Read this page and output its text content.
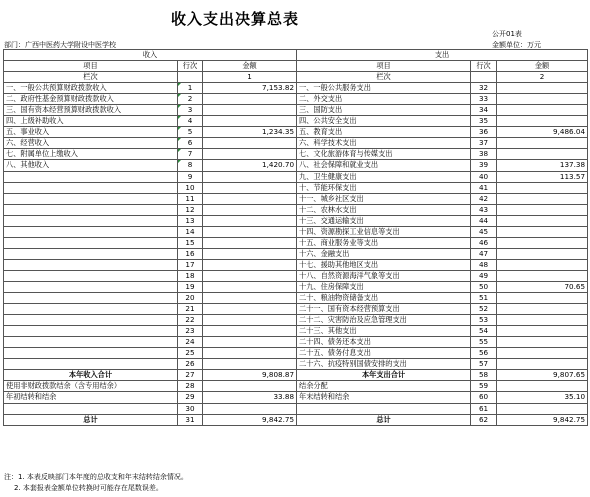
收入支出决算总表
公开01表
部门：广西中医药大学附设中医学校	金额单位：万元
收入			支出		
项目	行次	金额	项目	行次	金额
栏次		1	栏次		2
一、一般公共预算财政拨款收入	1	7,153.82	一、一般公共服务支出	32	
二、政府性基金预算财政拨款收入	2		二、外交支出	33	
三、国有资本经营预算财政拨款收入	3		三、国防支出	34	
四、上级补助收入	4		四、公共安全支出	35	
五、事业收入	5	1,234.35	五、教育支出	36	9,486.04
六、经营收入	6		六、科学技术支出	37	
七、附属单位上缴收入	7		七、文化旅游体育与传媒支出	38	
八、其他收入	8	1,420.70	八、社会保障和就业支出	39	137.38
	9		九、卫生健康支出	40	113.57
	10		十、节能环保支出	41	
	11		十一、城乡社区支出	42	
	12		十二、农林水支出	43	
	13		十三、交通运输支出	44	
	14		十四、资源勘探工业信息等支出	45	
	15		十五、商业服务业等支出	46	
	16		十六、金融支出	47	
	17		十七、援助其他地区支出	48	
	18		十八、自然资源海洋气象等支出	49	
	19		十九、住房保障支出	50	70.65
	20		二十、粮油物资储备支出	51	
	21		二十一、国有资本经营预算支出	52	
	22		二十二、灾害防治及应急管理支出	53	
	23		二十三、其他支出	54	
	24		二十四、债务还本支出	55	
	25		二十五、债务付息支出	56	
	26		二十六、抗疫特别国债安排的支出	57	
本年收入合计	27	9,808.87	本年支出合计	58	9,807.65
使用非财政拨款结余（含专用结余）	28		结余分配	59	
年初结转和结余	29	33.88	年末结转和结余	60	35.10
	30			61	
总计	31	9,842.75	总计	62	9,842.75
注：1. 本表反映部门本年度的总收支和年末结转结余情况。
2. 本套报表金额单位转换时可能存在尾数误差。
